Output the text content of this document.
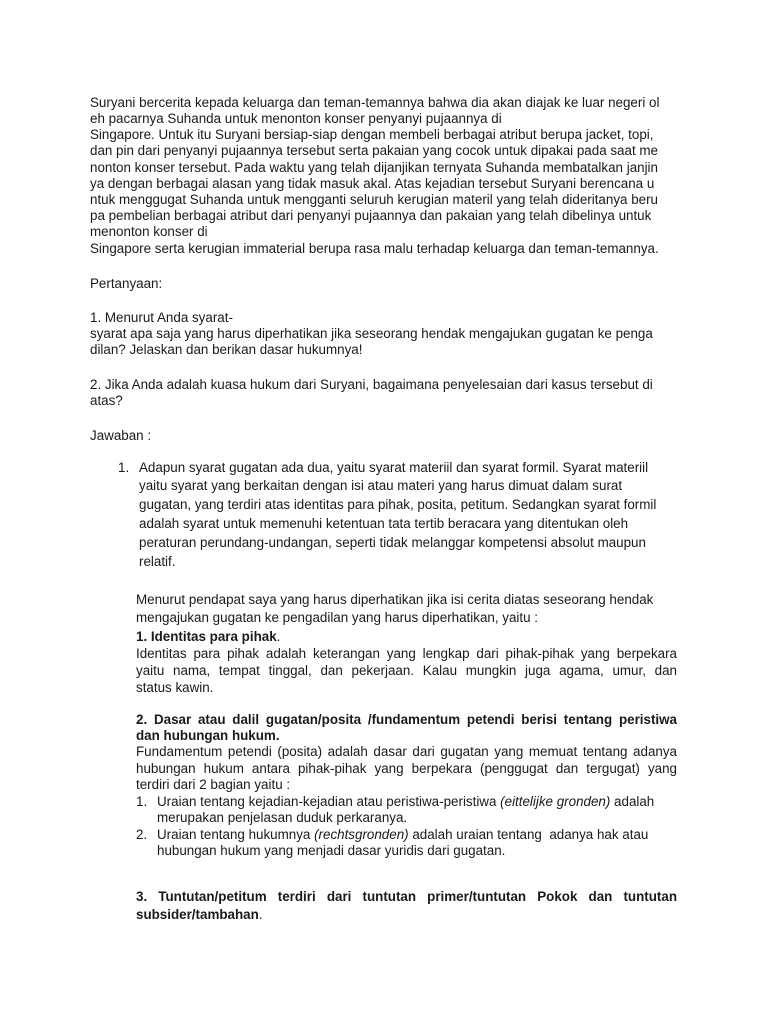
Suryani bercerita kepada keluarga dan teman-temannya bahwa dia akan diajak ke luar negeri ol

eh pacarnya Suhanda untuk menonton konser penyanyi pujaannya di

Singapore. Untuk itu Suryani bersiap-siap dengan membeli berbagai atribut berupa jacket, topi,

dan pin dari penyanyi pujaannya tersebut serta pakaian yang cocok untuk dipakai pada saat me

nonton konser tersebut. Pada waktu yang telah dijanjikan ternyata Suhanda membatalkan janjin

ya dengan berbagai alasan yang tidak masuk akal. Atas kejadian tersebut Suryani berencana u

ntuk menggugat Suhanda untuk mengganti seluruh kerugian materil yang telah dideritanya beru

pa pembelian berbagai atribut dari penyanyi pujaannya dan pakaian yang telah dibelinya untuk

menonton konser di

Singapore serta kerugian immaterial berupa rasa malu terhadap keluarga dan teman-temannya.

Pertanyaan:

1. Menurut Anda syarat-

syarat apa saja yang harus diperhatikan jika seseorang hendak mengajukan gugatan ke penga

dilan? Jelaskan dan berikan dasar hukumnya!

2. Jika Anda adalah kuasa hukum dari Suryani, bagaimana penyelesaian dari kasus tersebut di

atas?

Jawaban :

1. Adapun syarat gugatan ada dua, yaitu syarat materiil dan syarat formil. Syarat materiil

yaitu syarat yang berkaitan dengan isi atau materi yang harus dimuat dalam surat

gugatan, yang terdiri atas identitas para pihak, posita, petitum. Sedangkan syarat formil

adalah syarat untuk memenuhi ketentuan tata tertib beracara yang ditentukan oleh

peraturan perundang-undangan, seperti tidak melanggar kompetensi absolut maupun

relatif.

Menurut pendapat saya yang harus diperhatikan jika isi cerita diatas seseorang hendak

mengajukan gugatan ke pengadilan yang harus diperhatikan, yaitu :

1. Identitas para pihak.

Identitas para pihak adalah keterangan yang lengkap dari pihak-pihak yang berpekara

yaitu nama, tempat tinggal, dan pekerjaan. Kalau mungkin juga agama, umur, dan

status kawin.

2. Dasar atau dalil gugatan/posita /fundamentum petendi berisi tentang peristiwa

dan hubungan hukum.

Fundamentum petendi (posita) adalah dasar dari gugatan yang memuat tentang adanya

hubungan hukum antara pihak-pihak yang berpekara (penggugat dan tergugat) yang

terdiri dari 2 bagian yaitu :

1. Uraian tentang kejadian-kejadian atau peristiwa-peristiwa (eittelijke gronden) adalah

merupakan penjelasan duduk perkaranya.

2. Uraian tentang hukumnya (rechtsgronden) adalah uraian tentang  adanya hak atau

hubungan hukum yang menjadi dasar yuridis dari gugatan.

3. Tuntutan/petitum terdiri dari tuntutan primer/tuntutan Pokok dan tuntutan

subsider/tambahan.
